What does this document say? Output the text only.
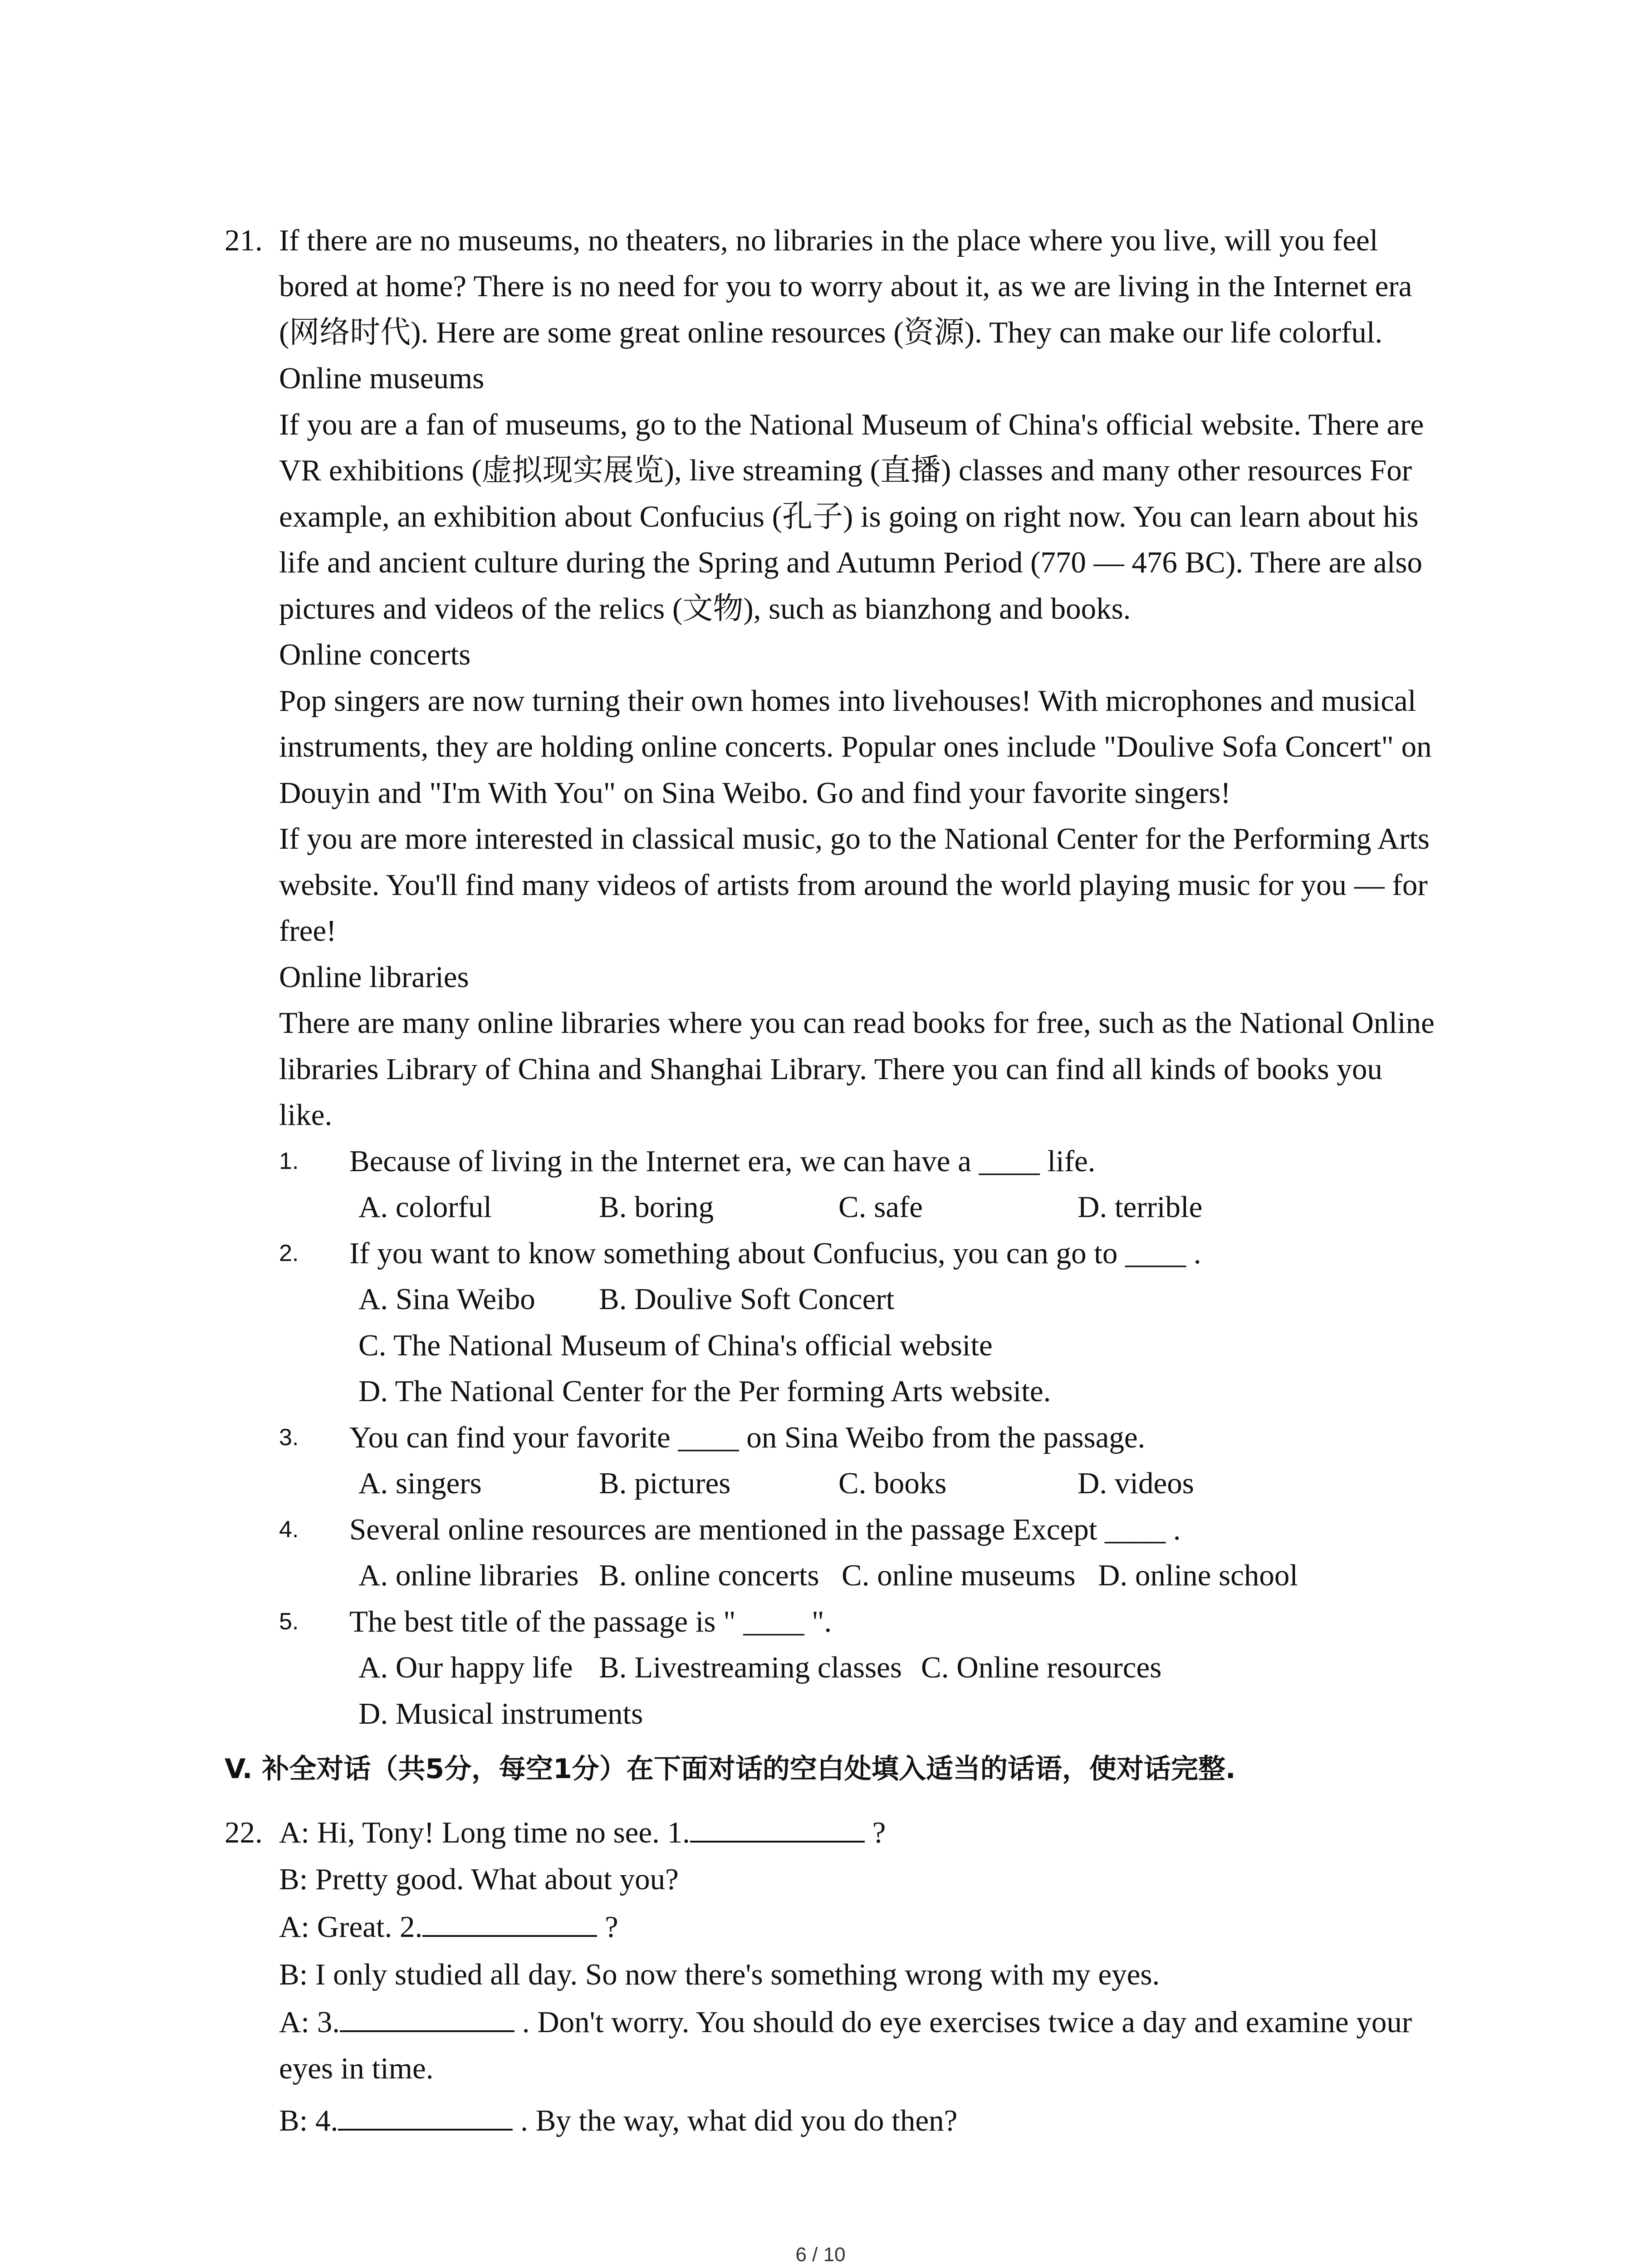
21. If there are no museums, no theaters, no libraries in the place where you live, will you feel
bored at home? There is no need for you to worry about it, as we are living in the Internet era
(网络时代). Here are some great online resources (资源). They can make our life colorful.
Online museums
If you are a fan of museums, go to the National Museum of China's official website. There are
VR exhibitions (虚拟现实展览), live streaming (直播) classes and many other resources For
example, an exhibition about Confucius (孔子) is going on right now. You can learn about his
life and ancient culture during the Spring and Autumn Period (770 — 476 BC). There are also
pictures and videos of the relics (文物), such as bianzhong and books.
Online concerts
Pop singers are now turning their own homes into livehouses! With microphones and musical
instruments, they are holding online concerts. Popular ones include "Doulive Sofa Concert" on
Douyin and "I'm With You" on Sina Weibo. Go and find your favorite singers!
If you are more interested in classical music, go to the National Center for the Performing Arts
website. You'll find many videos of artists from around the world playing music for you — for
free!
Online libraries
There are many online libraries where you can read books for free, such as the National Online
libraries Library of China and Shanghai Library. There you can find all kinds of books you
like.
1. Because of living in the Internet era, we can have a ____ life.
A. colorful	B. boring	C. safe	D. terrible
2. If you want to know something about Confucius, you can go to ____ .
A. Sina Weibo B. Doulive Soft Concert
C. The National Museum of China's official website
D. The National Center for the Per forming Arts website.
3. You can find your favorite ____ on Sina Weibo from the passage.
A. singers	B. pictures	C. books	D. videos
4. Several online resources are mentioned in the passage Except ____ .
A. online libraries B. online concerts C. online museums D. online school
5. The best title of the passage is " ____ ".
A. Our happy life B. Livestreaming classes C. Online resources
D. Musical instruments
V. 补全对话（共5分，每空1分）在下面对话的空白处填入适当的话语，使对话完整.
22. A: Hi, Tony! Long time no see. 1.	?
B: Pretty good. What about you?
A: Great. 2.	?
B: I only studied all day. So now there's something wrong with my eyes.
A: 3.	. Don't worry. You should do eye exercises twice a day and examine your
eyes in time.
B: 4.	. By the way, what did you do then?
6 / 10
